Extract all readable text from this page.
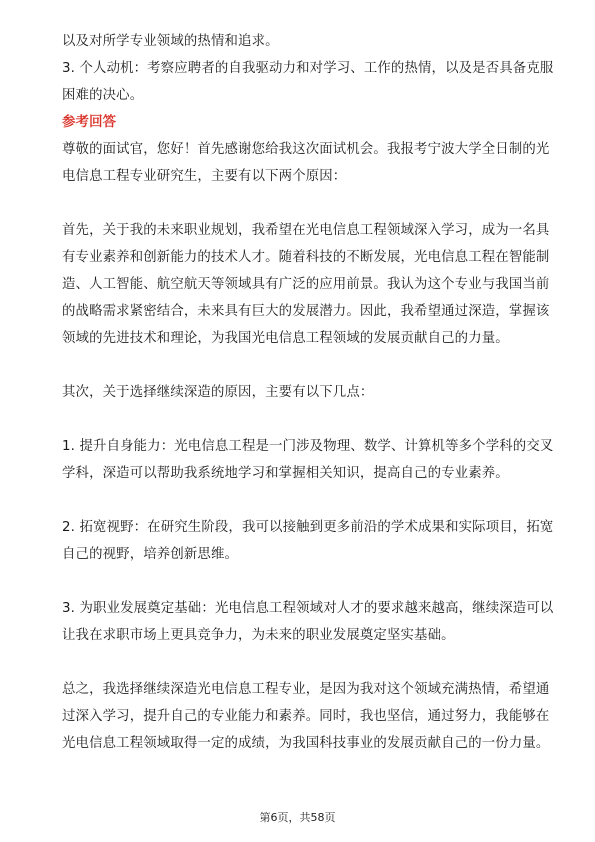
以及对所学专业领域的热情和追求。
3. 个人动机：考察应聘者的自我驱动力和对学习、工作的热情，以及是否具备克服
困难的决心。
参考回答
尊敬的面试官，您好！首先感谢您给我这次面试机会。我报考宁波大学全日制的光
电信息工程专业研究生，主要有以下两个原因：
首先，关于我的未来职业规划，我希望在光电信息工程领域深入学习，成为一名具
有专业素养和创新能力的技术人才。随着科技的不断发展，光电信息工程在智能制
造、人工智能、航空航天等领域具有广泛的应用前景。我认为这个专业与我国当前
的战略需求紧密结合，未来具有巨大的发展潜力。因此，我希望通过深造，掌握该
领域的先进技术和理论，为我国光电信息工程领域的发展贡献自己的力量。
其次，关于选择继续深造的原因，主要有以下几点：
1. 提升自身能力：光电信息工程是一门涉及物理、数学、计算机等多个学科的交叉
学科，深造可以帮助我系统地学习和掌握相关知识，提高自己的专业素养。
2. 拓宽视野：在研究生阶段，我可以接触到更多前沿的学术成果和实际项目，拓宽
自己的视野，培养创新思维。
3. 为职业发展奠定基础：光电信息工程领域对人才的要求越来越高，继续深造可以
让我在求职市场上更具竞争力，为未来的职业发展奠定坚实基础。
总之，我选择继续深造光电信息工程专业，是因为我对这个领域充满热情，希望通
过深入学习，提升自己的专业能力和素养。同时，我也坚信，通过努力，我能够在
光电信息工程领域取得一定的成绩，为我国科技事业的发展贡献自己的一份力量。
第6页，共58页
